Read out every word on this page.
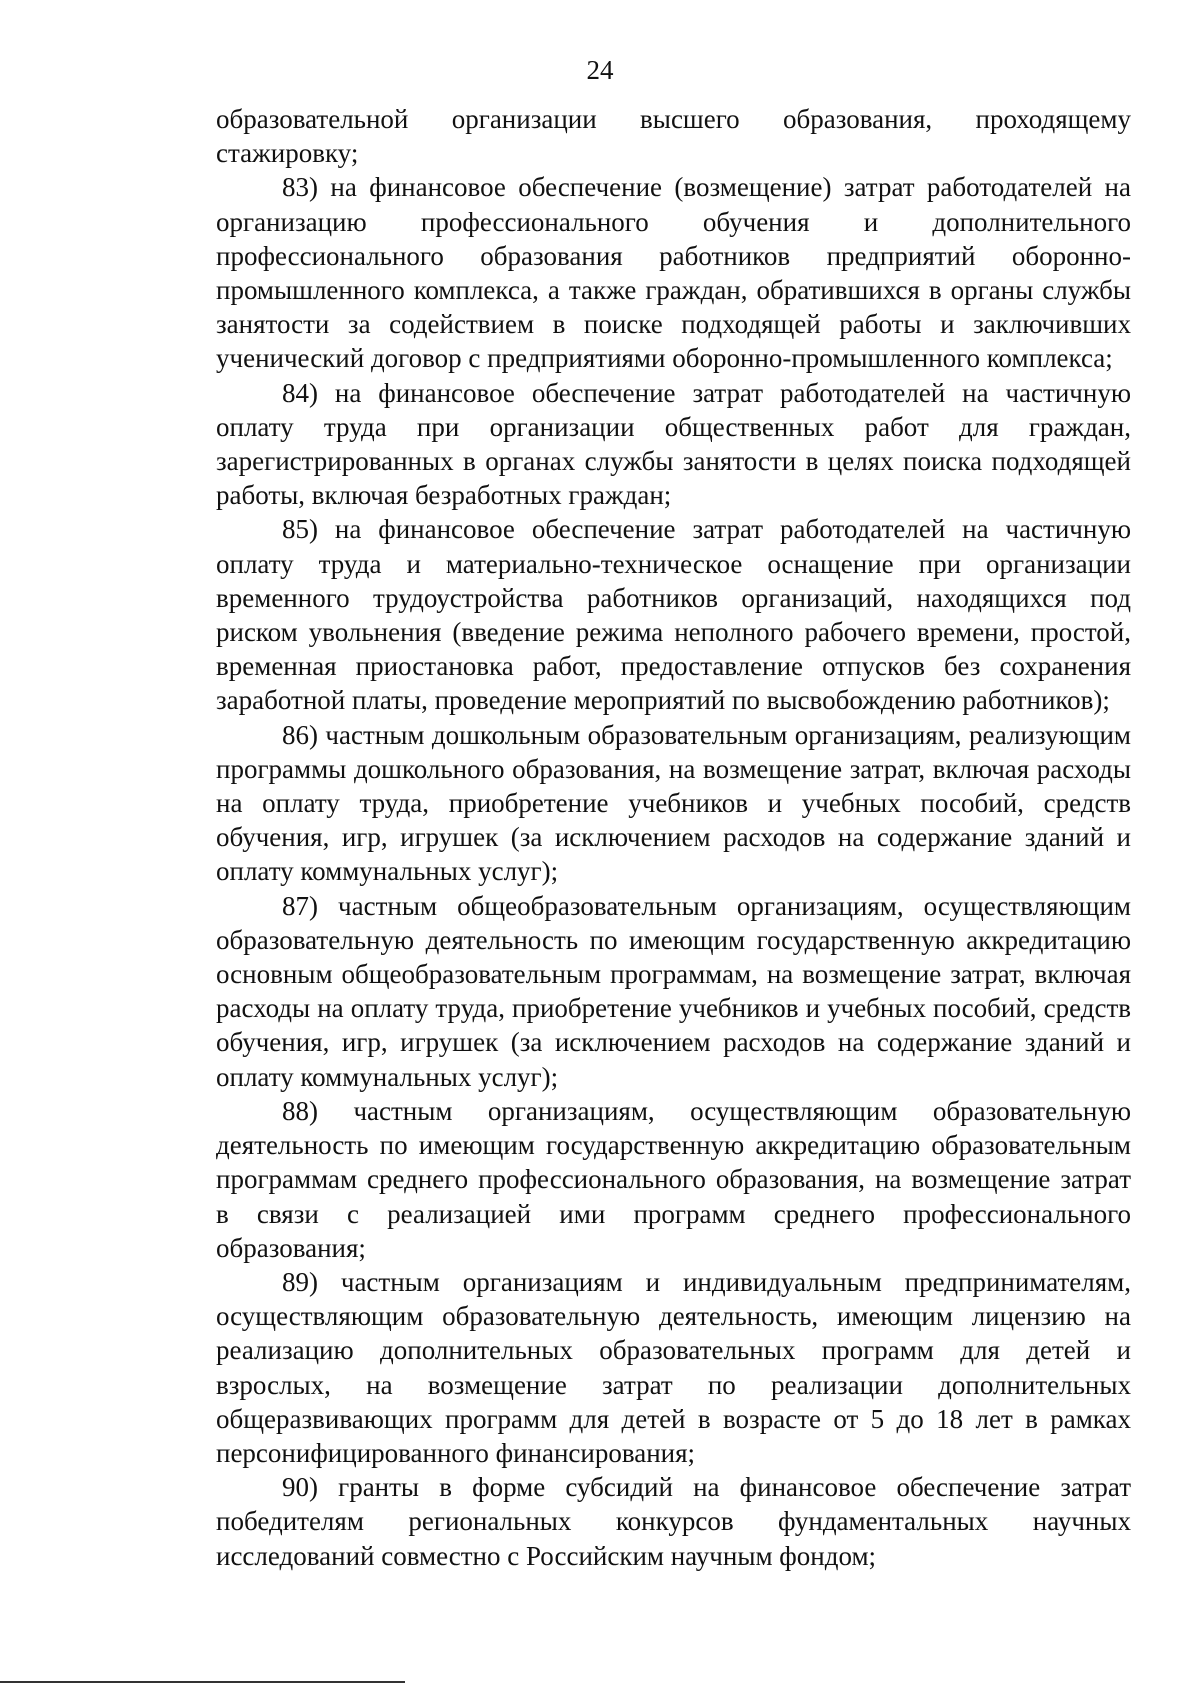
24

образовательной организации высшего образования, проходящему стажировку;

83) на финансовое обеспечение (возмещение) затрат работодателей на организацию профессионального обучения и дополнительного профессионального образования работников предприятий оборонно-промышленного комплекса, а также граждан, обратившихся в органы службы занятости за содействием в поиске подходящей работы и заключивших ученический договор с предприятиями оборонно-промышленного комплекса;

84) на финансовое обеспечение затрат работодателей на частичную оплату труда при организации общественных работ для граждан, зарегистрированных в органах службы занятости в целях поиска подходящей работы, включая безработных граждан;

85) на финансовое обеспечение затрат работодателей на частичную оплату труда и материально-техническое оснащение при организации временного трудоустройства работников организаций, находящихся под риском увольнения (введение режима неполного рабочего времени, простой, временная приостановка работ, предоставление отпусков без сохранения заработной платы, проведение мероприятий по высвобождению работников);

86) частным дошкольным образовательным организациям, реализующим программы дошкольного образования, на возмещение затрат, включая расходы на оплату труда, приобретение учебников и учебных пособий, средств обучения, игр, игрушек (за исключением расходов на содержание зданий и оплату коммунальных услуг);

87) частным общеобразовательным организациям, осуществляющим образовательную деятельность по имеющим государственную аккредитацию основным общеобразовательным программам, на возмещение затрат, включая расходы на оплату труда, приобретение учебников и учебных пособий, средств обучения, игр, игрушек (за исключением расходов на содержание зданий и оплату коммунальных услуг);

88) частным организациям, осуществляющим образовательную деятельность по имеющим государственную аккредитацию образовательным программам среднего профессионального образования, на возмещение затрат в связи с реализацией ими программ среднего профессионального образования;

89) частным организациям и индивидуальным предпринимателям, осуществляющим образовательную деятельность, имеющим лицензию на реализацию дополнительных образовательных программ для детей и взрослых, на возмещение затрат по реализации дополнительных общеразвивающих программ для детей в возрасте от 5 до 18 лет в рамках персонифицированного финансирования;

90) гранты в форме субсидий на финансовое обеспечение затрат победителям региональных конкурсов фундаментальных научных исследований совместно с Российским научным фондом;
